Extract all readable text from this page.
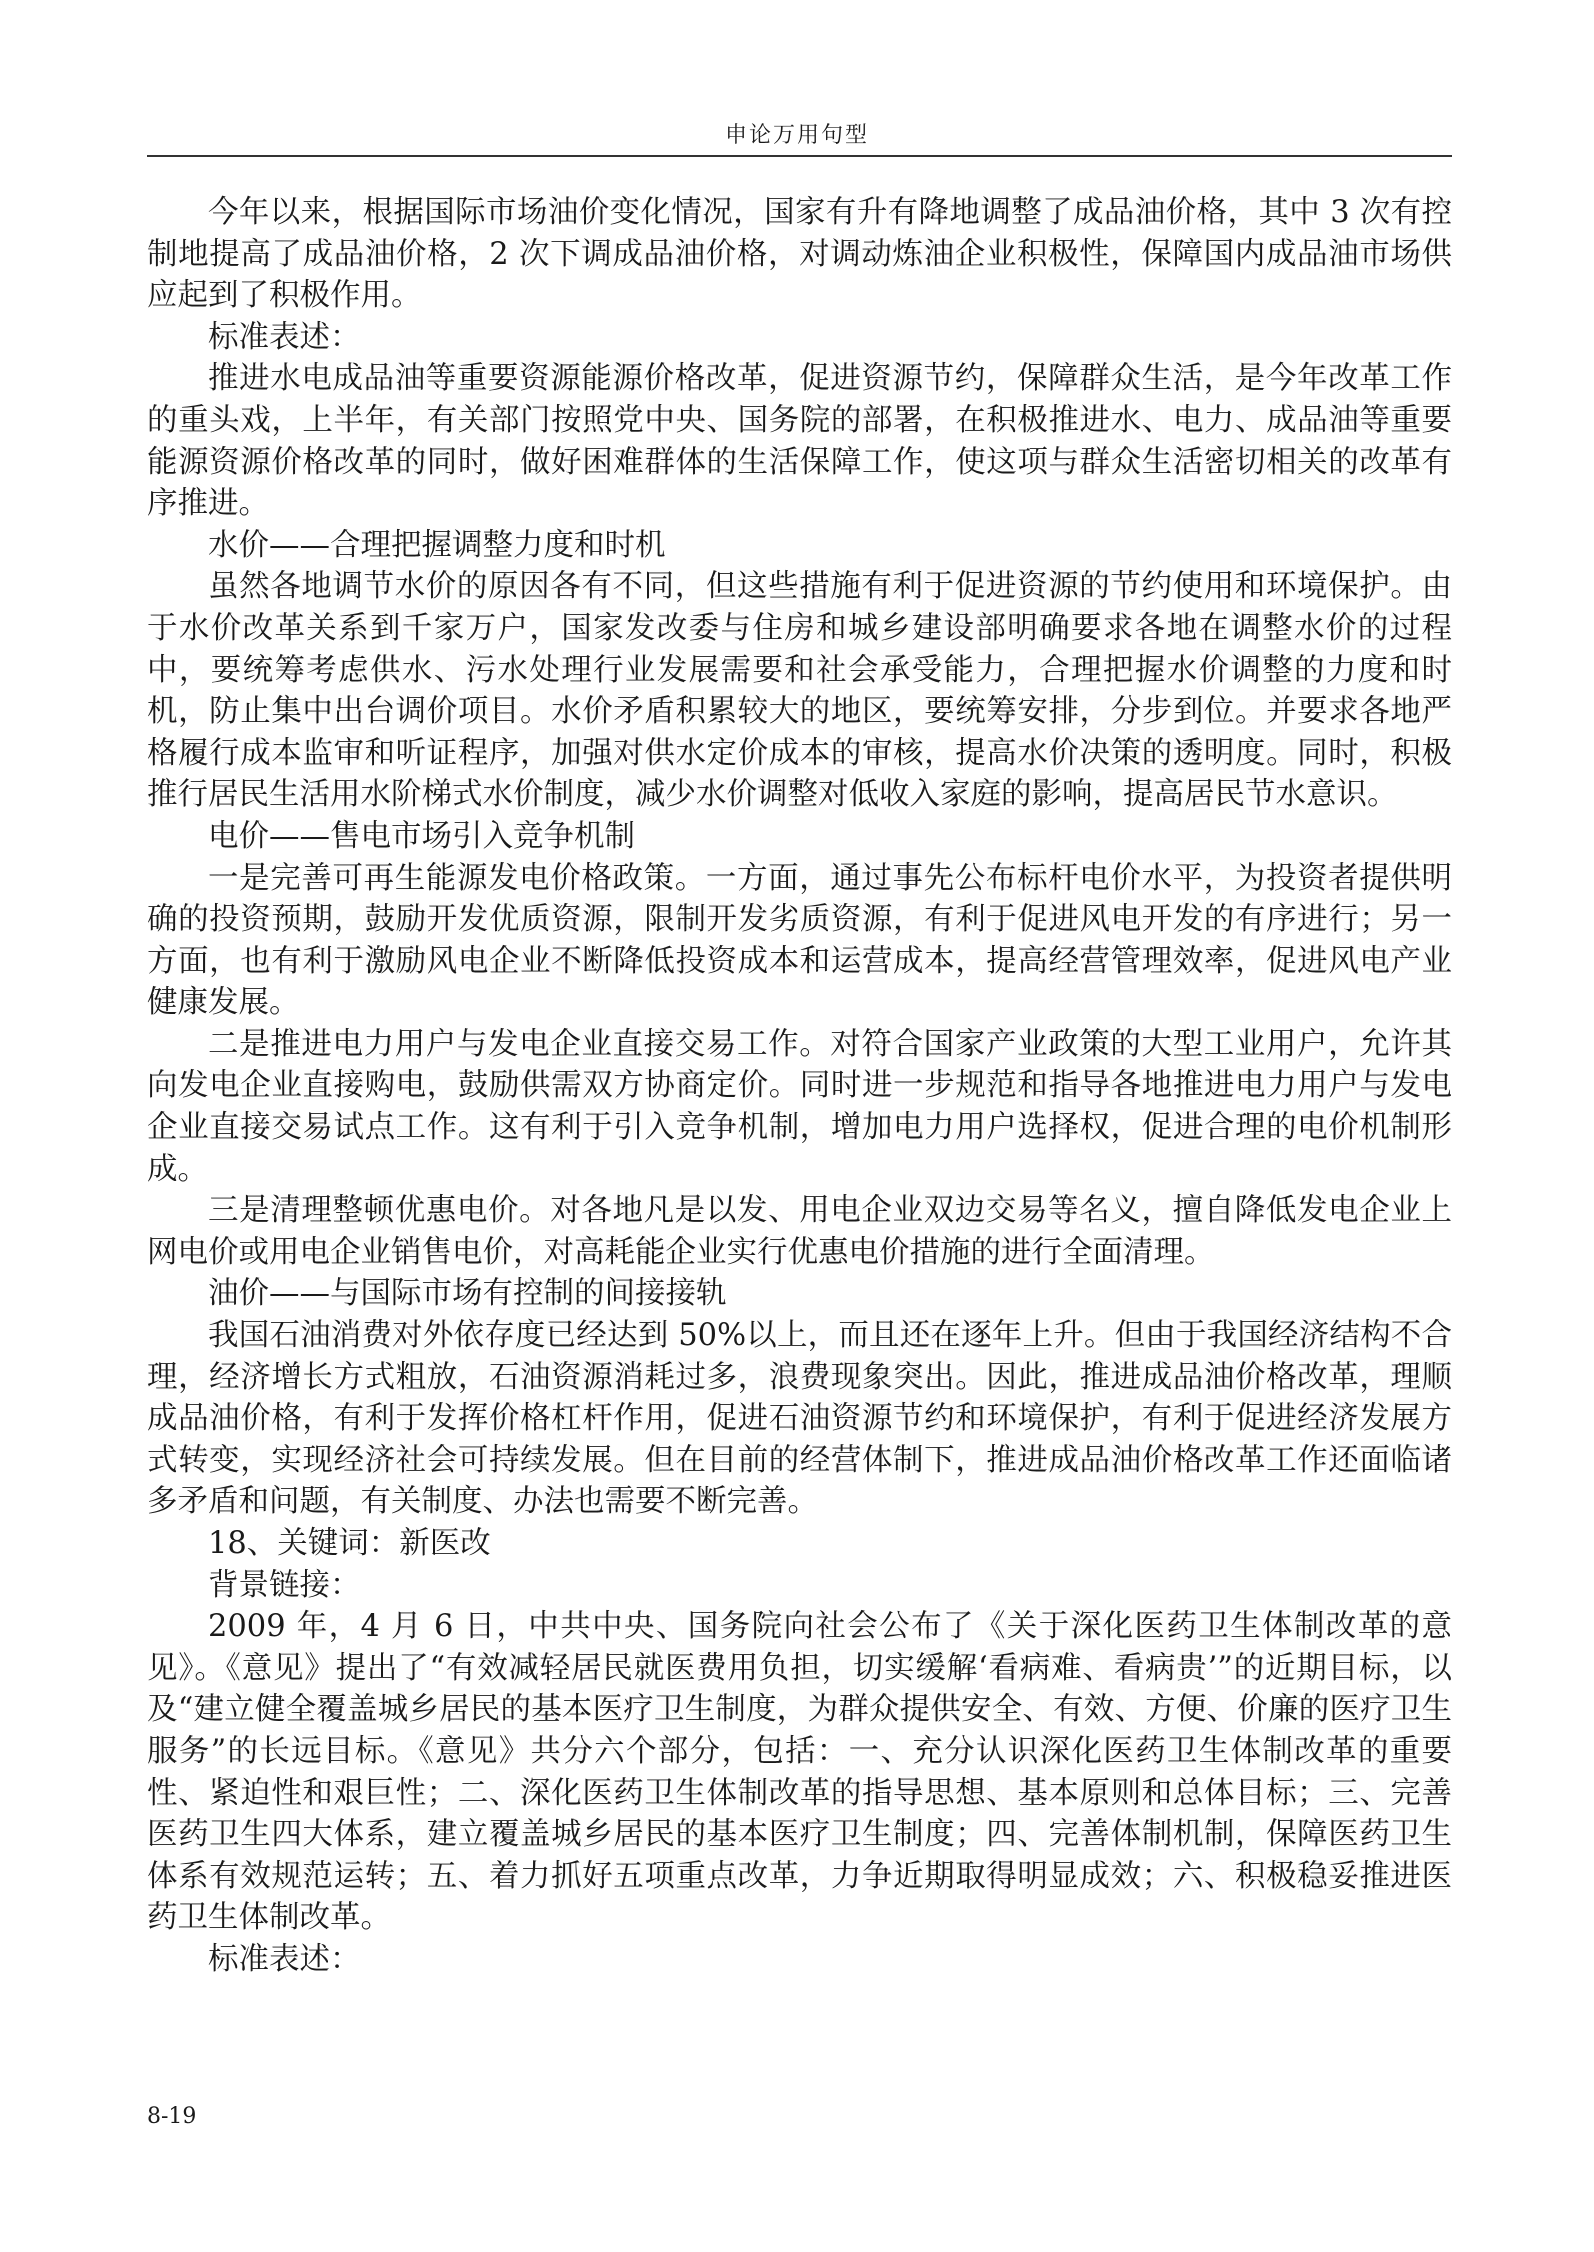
申论万用句型

今年以来，根据国际市场油价变化情况，国家有升有降地调整了成品油价格，其中 3 次有控制地提高了成品油价格，2 次下调成品油价格，对调动炼油企业积极性，保障国内成品油市场供应起到了积极作用。

标准表述：

推进水电成品油等重要资源能源价格改革，促进资源节约，保障群众生活，是今年改革工作的重头戏，上半年，有关部门按照党中央、国务院的部署，在积极推进水、电力、成品油等重要能源资源价格改革的同时，做好困难群体的生活保障工作，使这项与群众生活密切相关的改革有序推进。

水价——合理把握调整力度和时机

虽然各地调节水价的原因各有不同，但这些措施有利于促进资源的节约使用和环境保护。由于水价改革关系到千家万户，国家发改委与住房和城乡建设部明确要求各地在调整水价的过程中，要统筹考虑供水、污水处理行业发展需要和社会承受能力，合理把握水价调整的力度和时机，防止集中出台调价项目。水价矛盾积累较大的地区，要统筹安排，分步到位。并要求各地严格履行成本监审和听证程序，加强对供水定价成本的审核，提高水价决策的透明度。同时，积极推行居民生活用水阶梯式水价制度，减少水价调整对低收入家庭的影响，提高居民节水意识。

电价——售电市场引入竞争机制

一是完善可再生能源发电价格政策。一方面，通过事先公布标杆电价水平，为投资者提供明确的投资预期，鼓励开发优质资源，限制开发劣质资源，有利于促进风电开发的有序进行；另一方面，也有利于激励风电企业不断降低投资成本和运营成本，提高经营管理效率，促进风电产业健康发展。

二是推进电力用户与发电企业直接交易工作。对符合国家产业政策的大型工业用户，允许其向发电企业直接购电，鼓励供需双方协商定价。同时进一步规范和指导各地推进电力用户与发电企业直接交易试点工作。这有利于引入竞争机制，增加电力用户选择权，促进合理的电价机制形成。

三是清理整顿优惠电价。对各地凡是以发、用电企业双边交易等名义，擅自降低发电企业上网电价或用电企业销售电价，对高耗能企业实行优惠电价措施的进行全面清理。

油价——与国际市场有控制的间接接轨

我国石油消费对外依存度已经达到 50%以上，而且还在逐年上升。但由于我国经济结构不合理，经济增长方式粗放，石油资源消耗过多，浪费现象突出。因此，推进成品油价格改革，理顺成品油价格，有利于发挥价格杠杆作用，促进石油资源节约和环境保护，有利于促进经济发展方式转变，实现经济社会可持续发展。但在目前的经营体制下，推进成品油价格改革工作还面临诸多矛盾和问题，有关制度、办法也需要不断完善。

18、关键词：新医改

背景链接：

2009 年，4 月 6 日，中共中央、国务院向社会公布了《关于深化医药卫生体制改革的意见》。《意见》提出了“有效减轻居民就医费用负担，切实缓解‘看病难、看病贵’”的近期目标，以及“建立健全覆盖城乡居民的基本医疗卫生制度，为群众提供安全、有效、方便、价廉的医疗卫生服务”的长远目标。《意见》共分六个部分，包括：一、充分认识深化医药卫生体制改革的重要性、紧迫性和艰巨性；二、深化医药卫生体制改革的指导思想、基本原则和总体目标；三、完善医药卫生四大体系，建立覆盖城乡居民的基本医疗卫生制度；四、完善体制机制，保障医药卫生体系有效规范运转；五、着力抓好五项重点改革，力争近期取得明显成效；六、积极稳妥推进医药卫生体制改革。

标准表述：

8-19
